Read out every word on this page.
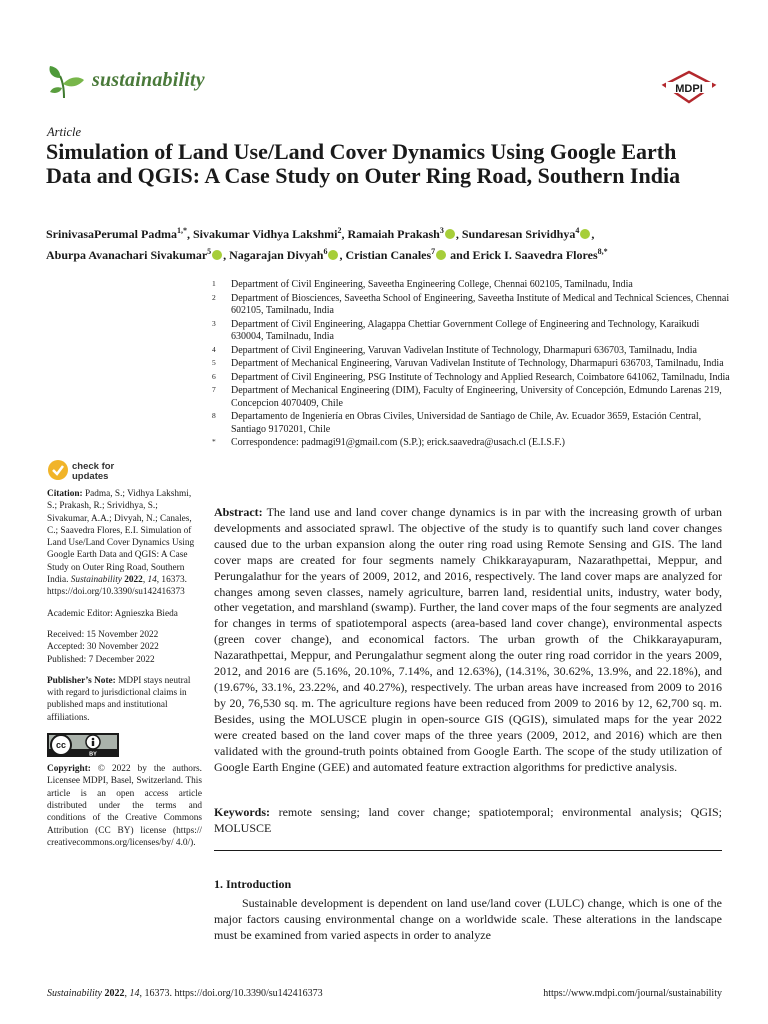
sustainability	MDPI
Article
Simulation of Land Use/Land Cover Dynamics Using Google Earth Data and QGIS: A Case Study on Outer Ring Road, Southern India
SrinivasaPerumal Padma$^{1,*}$, Sivakumar Vidhya Lakshmi$^2$, Ramaiah Prakash$^3$ , Sundaresan Srividhya$^4$ ,
Aburpa Avanachari Sivakumar$^5$ , Nagarajan Divyah$^6$ , Cristian Canales$^7$ and Erick I. Saavedra Flores$^{8,*}$
1	Department of Civil Engineering, Saveetha Engineering College, Chennai 602105, Tamilnadu, India
2	Department of Biosciences, Saveetha School of Engineering, Saveetha Institute of Medical and Technical Sciences, Chennai 602105, Tamilnadu, India
3	Department of Civil Engineering, Alagappa Chettiar Government College of Engineering and Technology, Karaikudi 630004, Tamilnadu, India
4	Department of Civil Engineering, Varuvan Vadivelan Institute of Technology, Dharmapuri 636703, Tamilnadu, India
5	Department of Mechanical Engineering, Varuvan Vadivelan Institute of Technology, Dharmapuri 636703, Tamilnadu, India
6	Department of Civil Engineering, PSG Institute of Technology and Applied Research, Coimbatore 641062, Tamilnadu, India
7	Department of Mechanical Engineering (DIM), Faculty of Engineering, University of Concepción, Edmundo Larenas 219, Concepcion 4070409, Chile
8	Departamento de Ingeniería en Obras Civiles, Universidad de Santiago de Chile, Av. Ecuador 3659, Estación Central, Santiago 9170201, Chile
*	Correspondence: padmagi91@gmail.com (S.P.); erick.saavedra@usach.cl (E.I.S.F.)
check for
updates

Citation: Padma, S.; Vidhya Lakshmi, S.; Prakash, R.; Srividhya, S.; Sivakumar, A.A.; Divyah, N.; Canales, C.; Saavedra Flores, E.I. Simulation of Land Use/Land Cover Dynamics Using Google Earth Data and QGIS: A Case Study on Outer Ring Road, Southern India. Sustainability 2022, 14, 16373. https://doi.org/10.3390/su142416373

Academic Editor: Agnieszka Bieda

Received: 15 November 2022
Accepted: 30 November 2022
Published: 7 December 2022

Publisher’s Note: MDPI stays neutral with regard to jurisdictional claims in published maps and institutional affiliations.

cc
BY

Copyright: © 2022 by the authors. Licensee MDPI, Basel, Switzerland. This article is an open access article distributed under the terms and conditions of the Creative Commons Attribution (CC BY) license (https:// creativecommons.org/licenses/by/ 4.0/).

Abstract: The land use and land cover change dynamics is in par with the increasing growth of urban developments and associated sprawl. The objective of the study is to quantify such land cover changes caused due to the urban expansion along the outer ring road using Remote Sensing and GIS. The land cover maps are created for four segments namely Chikkarayapuram, Nazarathpettai, Meppur, and Perungalathur for the years of 2009, 2012, and 2016, respectively. The land cover maps are analyzed for changes among seven classes, namely agriculture, barren land, residential units, industry, water body, other vegetation, and marshland (swamp). Further, the land cover maps of the four segments are analyzed for changes in terms of spatiotemporal aspects (area-based land cover change), environmental aspects (green cover change), and economical factors. The urban growth of the Chikkarayapuram, Nazarathpettai, Meppur, and Perungalathur segment along the outer ring road corridor in the years 2009, 2012, and 2016 are (5.16%, 20.10%, 7.14%, and 12.63%), (14.31%, 30.62%, 13.9%, and 22.18%), and (19.67%, 33.1%, 23.22%, and 40.27%), respectively. The urban areas have increased from 2009 to 2016 by 20, 76,530 sq. m. The agriculture regions have been reduced from 2009 to 2016 by 12, 62,700 sq. m. Besides, using the MOLUSCE plugin in open-source GIS (QGIS), simulated maps for the year 2022 were created based on the land cover maps of the three years (2009, 2012, and 2016) which are then validated with the ground-truth points obtained from Google Earth. The scope of the study utilization of Google Earth Engine (GEE) and automated feature extraction algorithms for predictive analysis.
Keywords: remote sensing; land cover change; spatiotemporal; environmental analysis; QGIS; MOLUSCE
1. Introduction
Sustainable development is dependent on land use/land cover (LULC) change, which is one of the major factors causing environmental change on a worldwide scale. These alterations in the landscape must be examined from varied aspects in order to analyze
Sustainability 2022, 14, 16373. https://doi.org/10.3390/su142416373	https://www.mdpi.com/journal/sustainability
